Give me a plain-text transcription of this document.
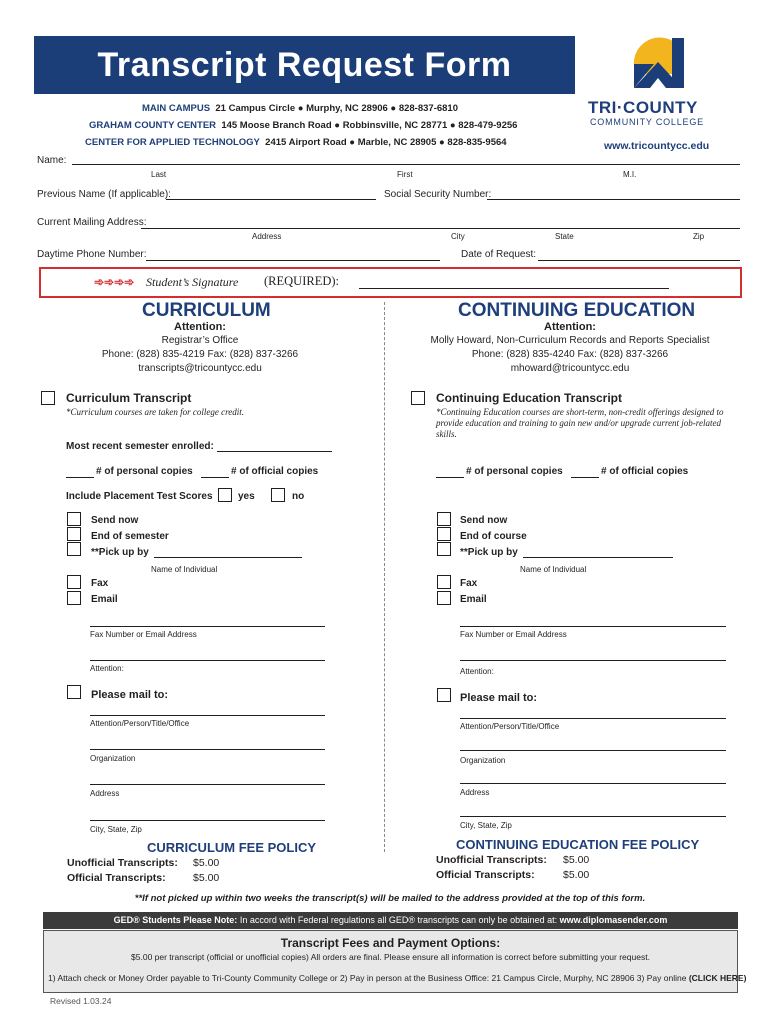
Transcript Request Form
MAIN CAMPUS 21 Campus Circle ● Murphy, NC 28906 ● 828-837-6810
GRAHAM COUNTY CENTER 145 Moose Branch Road ● Robbinsville, NC 28771 ● 828-479-9256
CENTER FOR APPLIED TECHNOLOGY 2415 Airport Road ● Marble, NC 28905 ● 828-835-9564
TRI·COUNTY
COMMUNITY COLLEGE
www.tricountycc.edu
Name:
Last	First	M.I.
Previous Name (If applicable):	Social Security Number:
Current Mailing Address:
Address	City	State	Zip
Daytime Phone Number:	Date of Request:
➾➾➾➾ Student’s Signature (REQUIRED):
CURRICULUM
Attention:
Registrar’s Office
Phone: (828) 835-4219 Fax: (828) 837-3266
transcripts@tricountycc.edu
Curriculum Transcript
*Curriculum courses are taken for college credit.
Most recent semester enrolled:
# of personal copies	# of official copies
Include Placement Test Scores	yes	no
Send now
End of semester
**Pick up by
Name of Individual
Fax
Email
Fax Number or Email Address
Attention:
Please mail to:
Attention/Person/Title/Office
Organization
Address
City, State, Zip
CURRICULUM FEE POLICY
Unofficial Transcripts: $5.00
Official Transcripts:	$5.00
CONTINUING EDUCATION
Attention:
Molly Howard, Non-Curriculum Records and Reports Specialist
Phone: (828) 835-4240 Fax: (828) 837-3266
mhoward@tricountycc.edu
Continuing Education Transcript
*Continuing Education courses are short-term, non-credit offerings designed to provide education and training to gain new and/or upgrade current job-related skills.
# of personal copies	# of official copies
Send now
End of course
**Pick up by
Name of Individual
Fax
Email
Fax Number or Email Address
Attention:
Please mail to:
Attention/Person/Title/Office
Organization
Address
City, State, Zip
CONTINUING EDUCATION FEE POLICY
Unofficial Transcripts: $5.00
Official Transcripts:	$5.00
**If not picked up within two weeks the transcript(s) will be mailed to the address provided at the top of this form.
GED® Students Please Note: In accord with Federal regulations all GED® transcripts can only be obtained at: www.diplomasender.com
Transcript Fees and Payment Options:
$5.00 per transcript (official or unofficial copies) All orders are final. Please ensure all information is correct before submitting your request.
1) Attach check or Money Order payable to Tri-County Community College or 2) Pay in person at the Business Office: 21 Campus Circle, Murphy, NC 28906 3) Pay online (CLICK HERE)
Revised 1.03.24
